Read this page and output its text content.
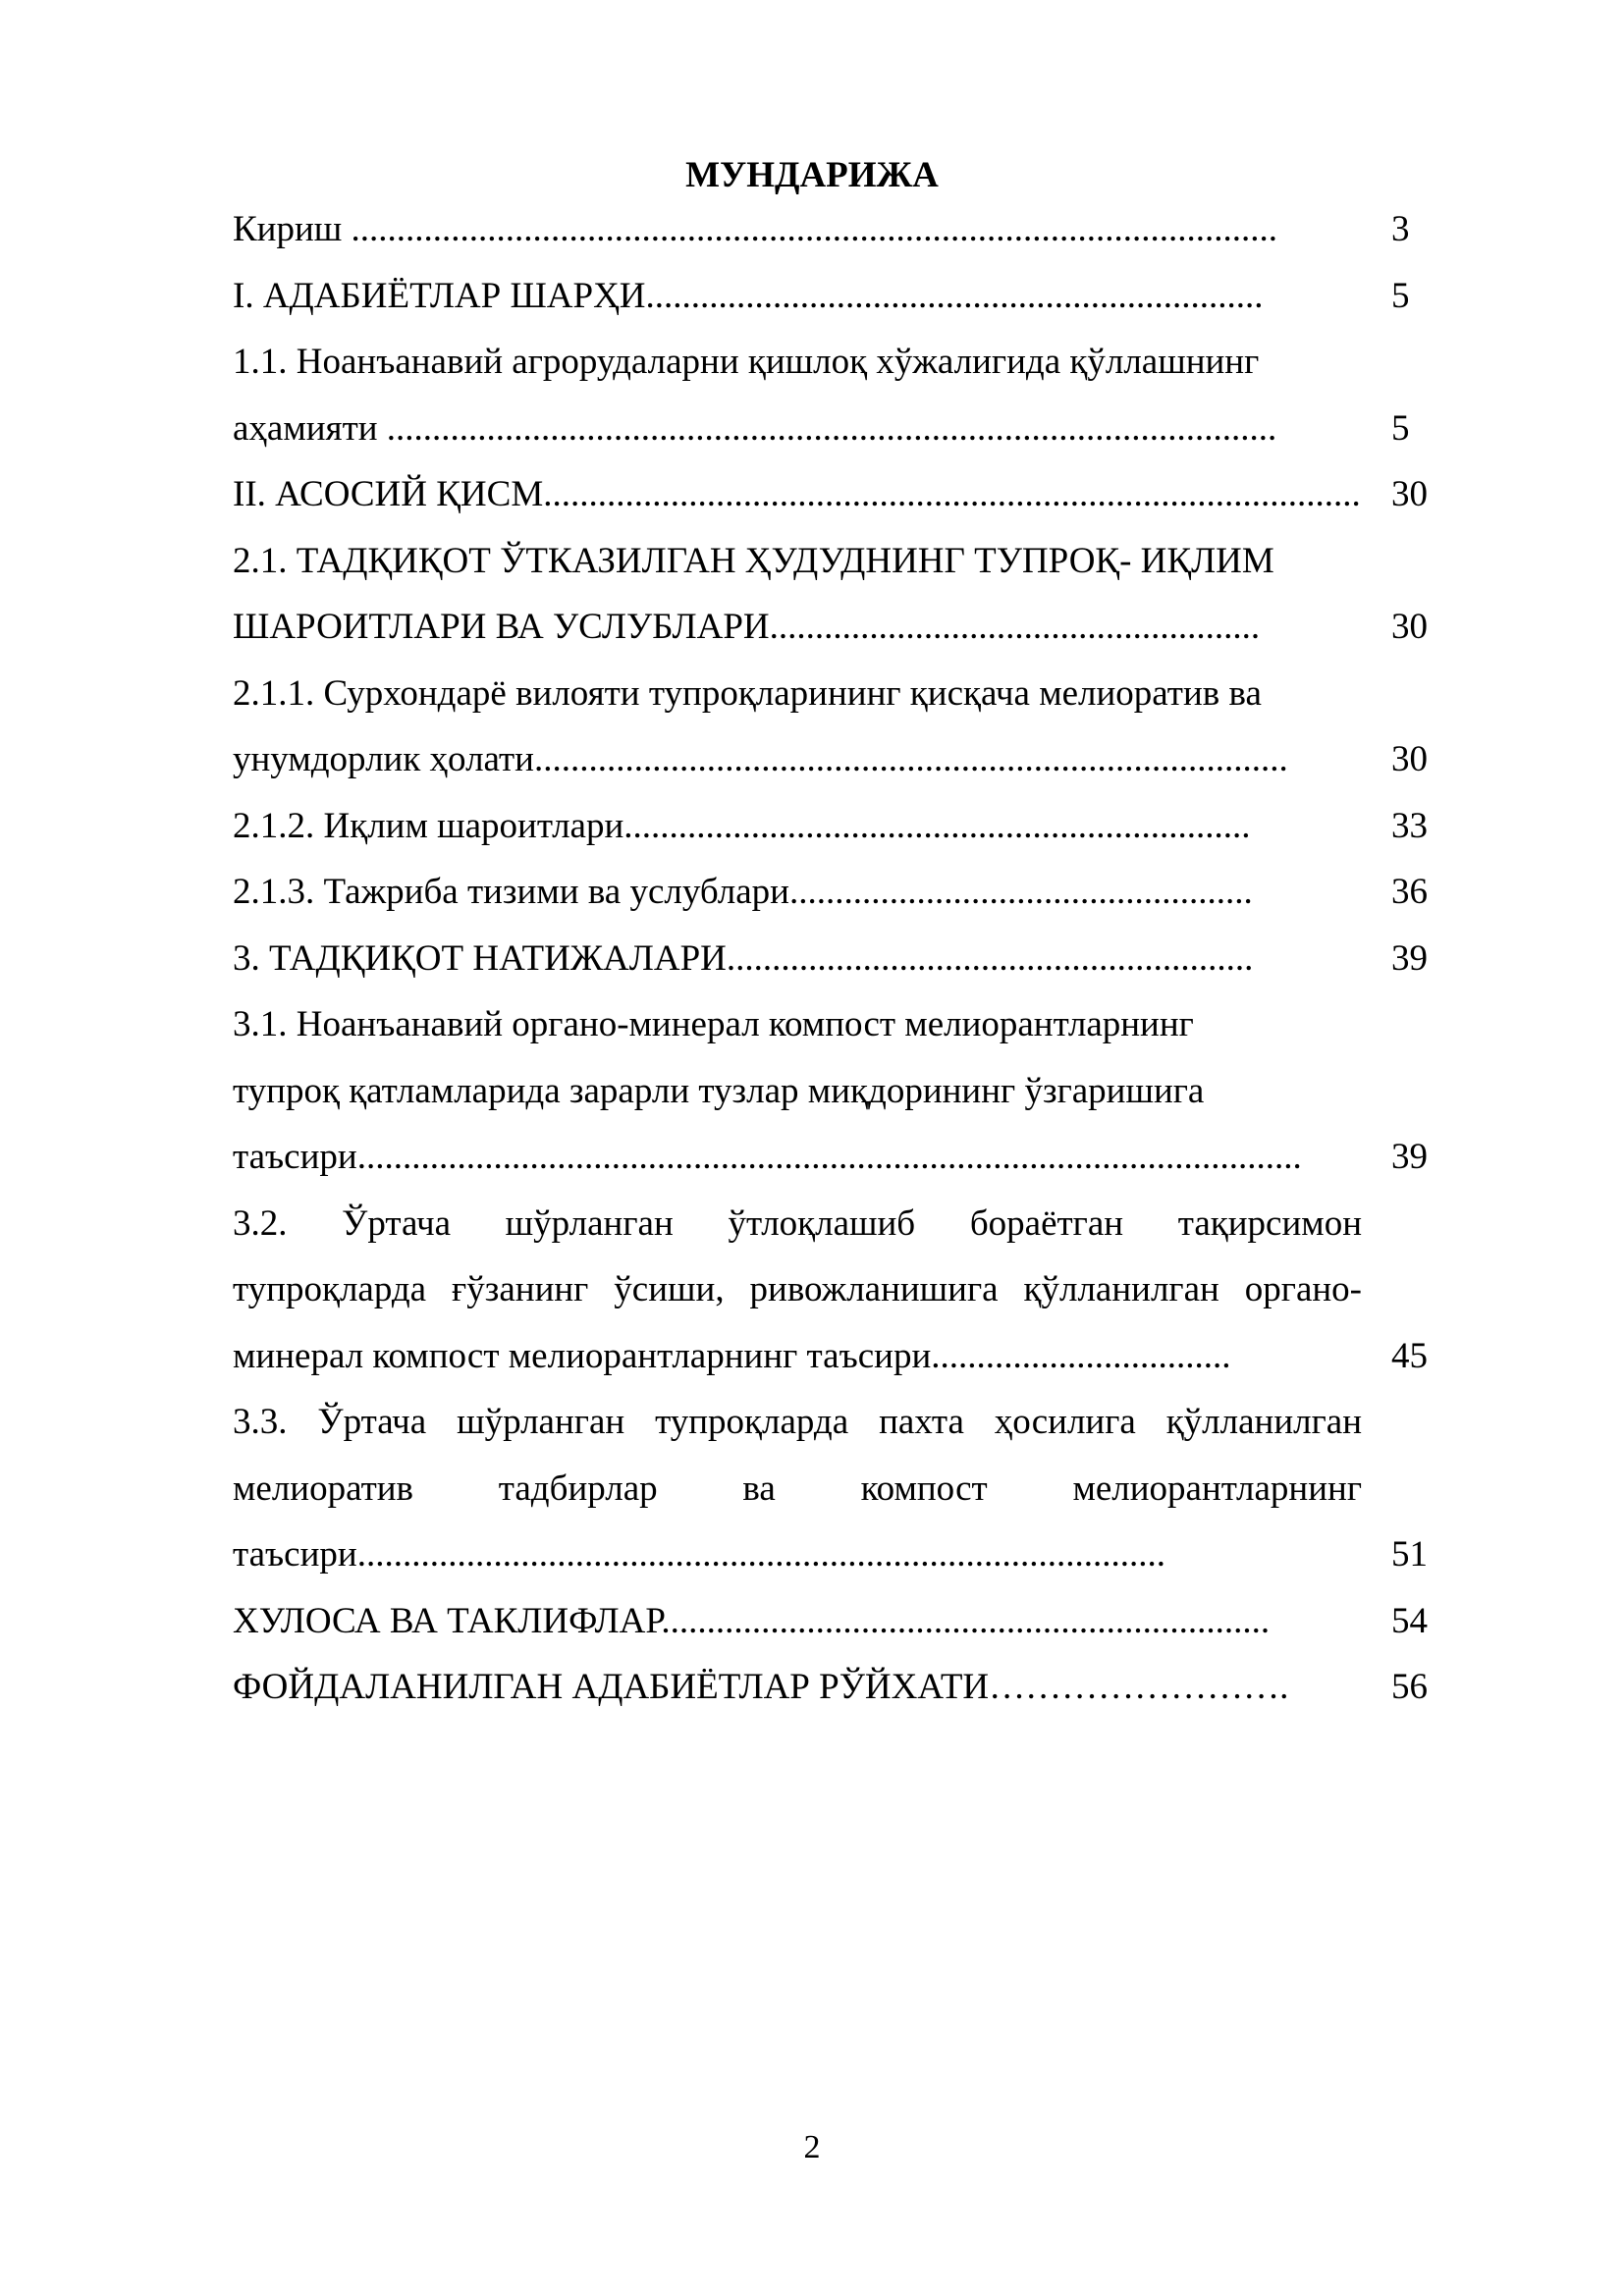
МУНДАРИЖА
Кириш ......................................................................................................	3
I. АДАБИЁТЛАР ШАРҲИ....................................................................	5
1.1. Ноанъанавий агрорудаларни қишлоқ хўжалигида қўллашнинг
аҳамияти ..................................................................................................	5
II. АСОСИЙ ҚИСМ.......................................................................................... 30
2.1. ТАДҚИҚОТ ЎТКАЗИЛГАН ҲУДУДНИНГ ТУПРОҚ- ИҚЛИМ
ШАРОИТЛАРИ ВА УСЛУБЛАРИ......................................................	30
2.1.1. Сурхондарё вилояти тупроқларининг қисқача мелиоратив ва
унумдорлик ҳолати...................................................................................	30
2.1.2. Иқлим шароитлари.....................................................................	33
2.1.3. Тажриба тизими ва услублари...................................................	36
3. ТАДҚИҚОТ НАТИЖАЛАРИ..........................................................	39
3.1. Ноанъанавий органо-минерал компост мелиорантларнинг
тупроқ қатламларида зарарли тузлар миқдорининг ўзгаришига
таъсири........................................................................................................	39
3.2. Ўртача шўрланган ўтлоқлашиб бораётган тақирсимон
тупроқларда ғўзанинг ўсиши, ривожланишига қўлланилган органо-
минерал компост мелиорантларнинг таъсири.................................	45
3.3. Ўртача шўрланган тупроқларда пахта ҳосилига қўлланилган
мелиоратив тадбирлар ва компост мелиорантларнинг
таъсири.........................................................................................	51
ХУЛОСА ВА ТАКЛИФЛАР...................................................................	54
ФОЙДАЛАНИЛГАН АДАБИЁТЛАР РЎЙХАТИ…………………….	56
2
